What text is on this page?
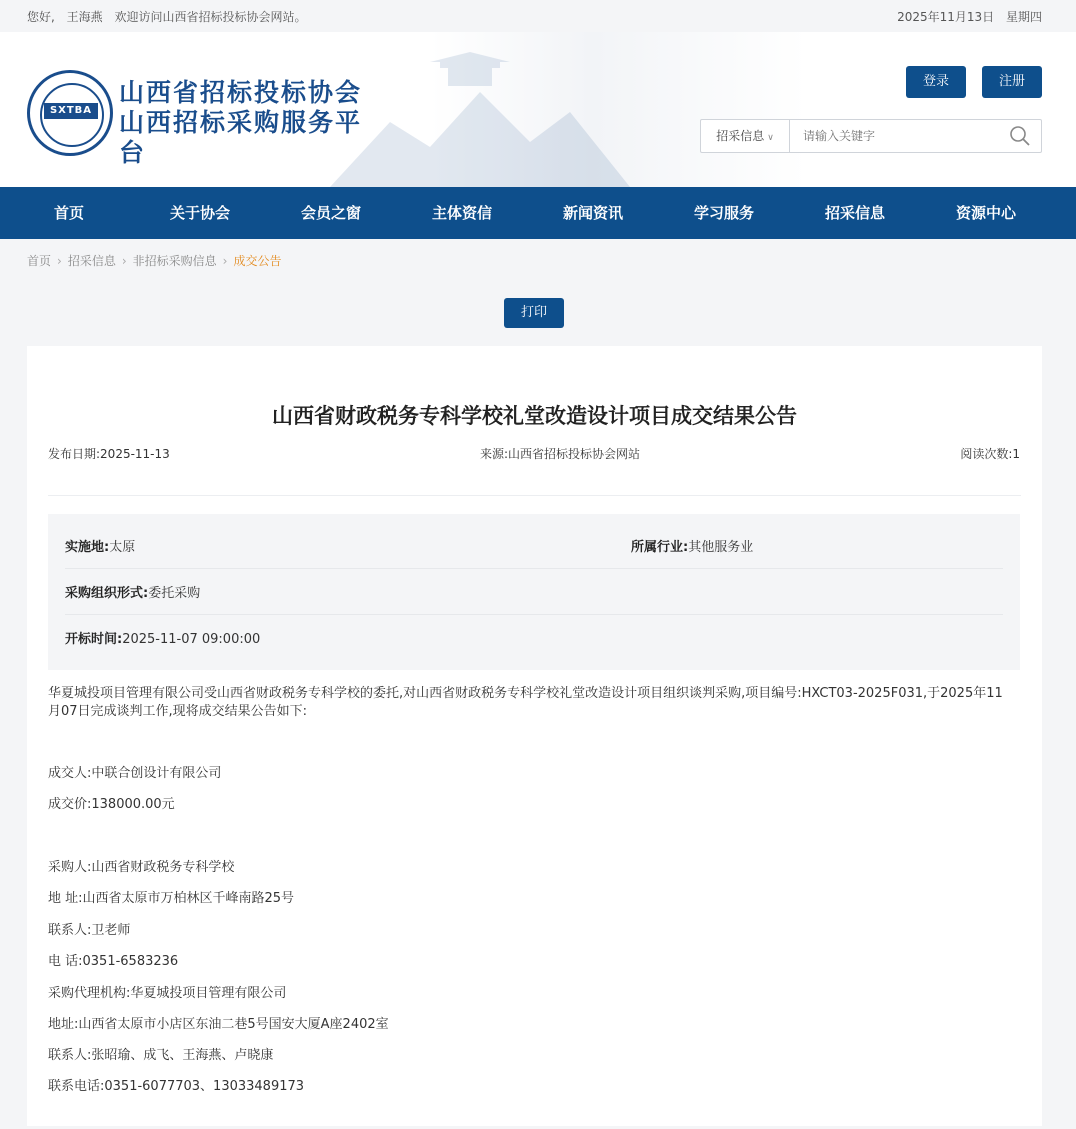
您好, 王海燕 欢迎访问山西省招标投标协会网站。	2025年11月13日 星期四
SXTBA
山西省招标投标协会
山西招标采购服务平台
登录	注册
招采信息 ∨
请输入关键字
首页	关于协会	会员之窗	主体资信	新闻资讯	学习服务	招采信息	资源中心
首页 › 招采信息 › 非招标采购信息 › 成交公告
打印
山西省财政税务专科学校礼堂改造设计项目成交结果公告
发布日期:2025-11-13	来源:山西省招标投标协会网站	阅读次数:1
实施地:太原	所属行业:其他服务业
采购组织形式:委托采购
开标时间:2025-11-07 09:00:00
华夏城投项目管理有限公司受山西省财政税务专科学校的委托,对山西省财政税务专科学校礼堂改造设计项目组织谈判采购,项目编号:HXCT03-2025F031,于2025年11月07日完成谈判工作,现将成交结果公告如下:
成交人:中联合创设计有限公司
成交价:138000.00元
采购人:山西省财政税务专科学校
地 址:山西省太原市万柏林区千峰南路25号
联系人:卫老师
电 话:0351-6583236
采购代理机构:华夏城投项目管理有限公司
地址:山西省太原市小店区东油二巷5号国安大厦A座2402室
联系人:张昭瑜、成飞、王海燕、卢晓康
联系电话:0351-6077703、13033489173
